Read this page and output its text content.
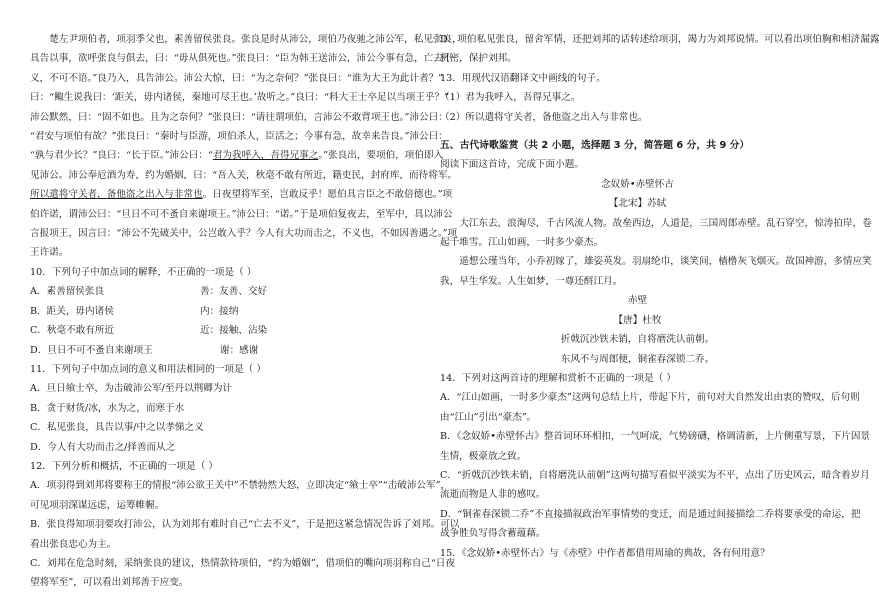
楚左尹项伯者，项羽季父也，素善留侯张良。张良是时从沛公，项伯乃夜驰之沛公军，私见张良，
具告以事，欲呼张良与俱去，曰：“毋从俱死也。”张良曰：“臣为韩王送沛公，沛公今事有急，亡去不
义，不可不语。”良乃入，具告沛公。沛公大惊，曰：“为之奈何？”张良曰：“谁为大王为此计者？”
曰：“鲰生说我曰：‘距关，毋内诸侯，秦地可尽王也。’故听之。”良曰：“料大王士卒足以当项王乎？”
沛公默然，曰：“固不如也。且为之奈何？”张良曰：“请往谓项伯，言沛公不敢背项王也。”沛公曰：
“君安与项伯有故？”张良曰：“秦时与臣游，项伯杀人，臣活之；今事有急，故幸来告良。”沛公曰：
“孰与君少长？”良曰：“长于臣。”沛公曰：“君为我呼入，吾得兄事之。”张良出，要项伯，项伯即入
见沛公。沛公奉卮酒为寿，约为婚姻，曰：“吾入关，秋毫不敢有所近，籍吏民，封府库，而待将军。
所以遣将守关者，备他盗之出入与非常也。日夜望将军至，岂敢反乎！愿伯具言臣之不敢倍德也。”项
伯许诺，谓沛公曰：“旦日不可不蚤自来谢项王。”沛公曰：“诺。”于是项伯复夜去，至军中，具以沛公
言报项王，因言曰：“沛公不先破关中，公岂敢入乎？今人有大功而击之，不义也，不如因善遇之。”项
王许诺。
10．下列句子中加点词的解释，不正确的一项是（ ）
A．素善留侯张良	善：友善、交好
B．距关，毋内诸侯	内：接纳
C．秋毫不敢有所近	近：接触、沾染
D．旦日不可不蚤自来谢项王	谢：感谢
11．下列句子中加点词的意义和用法相同的一项是（ ）
A．旦日飨士卒，为击破沛公军/至丹以荆卿为计
B．贪于财货/冰，水为之，而寒于水
C．私见张良，具告以事/中之以孝悌之义
D．今人有大功而击之/择善而从之
12．下列分析和概括，不正确的一项是（ ）
A．项羽得到刘邦将要称王的情报“沛公欲王关中”不禁勃然大怒，立即决定“飨士卒”“击破沛公军”，
可见项羽深谋远虑，运筹帷幄。
B．张良得知项羽要攻打沛公，认为刘邦有难时自己“亡去不义”，于是把这紧急情况告诉了刘邦。可以
看出张良忠心为主。
C．刘邦在危急时刻，采纳张良的建议，热情款待项伯，“约为婚姻”，借项伯的嘴向项羽称自己“日夜
望将军至”，可以看出刘邦善于应变。
D．项伯私见张良，留舍军情，还把刘邦的话转述给项羽，竭力为刘邦说情。可以看出项伯胸和相济漏露
机密，保护刘邦。
13．用现代汉语翻译文中画线的句子。
（1）君为我呼入，吾得兄事之。
（2）所以遣将守关者，备他盗之出入与非常也。
五、古代诗歌鉴赏（共 2 小题，选择题 3 分，简答题 6 分，共 9 分）
阅读下面这首诗，完成下面小题。
念奴娇•赤壁怀古
【北宋】苏轼
大江东去，浪淘尽，千古风流人物。故垒西边，人道是，三国周郎赤壁。乱石穿空，惊涛拍岸，卷
起千堆雪。江山如画，一时多少豪杰。
遥想公瑾当年，小乔初嫁了，雄姿英发。羽扇纶巾，谈笑间，樯橹灰飞烟灭。故国神游，多情应笑
我，早生华发。人生如梦，一尊还酹江月。
赤壁
【唐】杜牧
折戟沉沙铁未销，自将磨洗认前朝。
东风不与周郎便，铜雀春深锁二乔。
14．下列对这两首诗的理解和赏析不正确的一项是（ ）
A．“江山如画，一时多少豪杰”这两句总结上片，带起下片，前句对大自然发出由衷的赞叹，后句则
由“江山”引出“豪杰”。
B．《念奴娇•赤壁怀古》整首词环环相扣，一气呵成，气势磅礴，格调清新，上片侧重写景，下片因景
生情，极豪放之致。
C．“折戟沉沙铁未销，自将磨洗认前朝”这两句描写看似平淡实为不平，点出了历史风云，暗含着岁月
流逝而物是人非的感叹。
D．“铜雀春深锁二乔”不直接描叙政治军事情势的变迁，而是通过间接描绘二乔将要承受的命运，把
战争胜负写得含蓄蕴藉。
15．《念奴娇•赤壁怀古》与《赤壁》中作者都借用周瑜的典故，各有何用意？
